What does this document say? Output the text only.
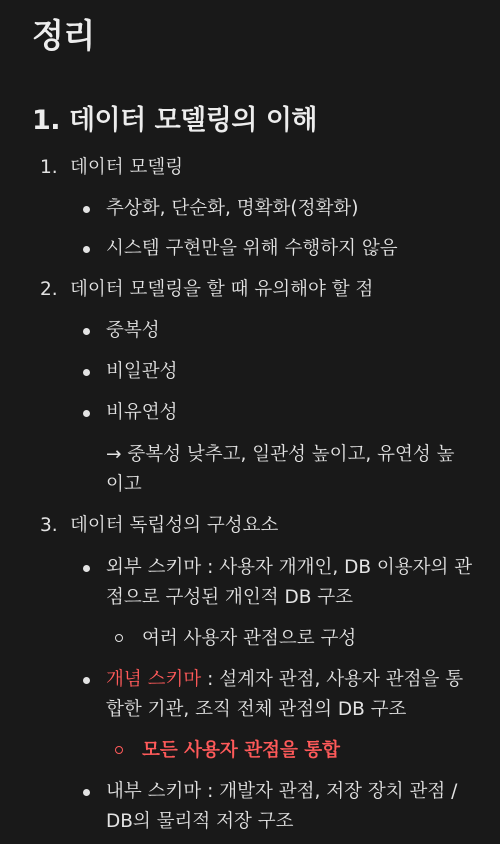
정리
1. 데이터 모델링의 이해
1. 데이터 모델링
추상화, 단순화, 명확화(정확화)
시스템 구현만을 위해 수행하지 않음
2. 데이터 모델링을 할 때 유의해야 할 점
중복성
비일관성
비유연성
→ 중복성 낮추고, 일관성 높이고, 유연성 높
이고
3. 데이터 독립성의 구성요소
외부 스키마 : 사용자 개개인, DB 이용자의 관
점으로 구성된 개인적 DB 구조
여러 사용자 관점으로 구성
개념 스키마 : 설계자 관점, 사용자 관점을 통
합한 기관, 조직 전체 관점의 DB 구조
모든 사용자 관점을 통합
내부 스키마 : 개발자 관점, 저장 장치 관점 /
DB의 물리적 저장 구조
